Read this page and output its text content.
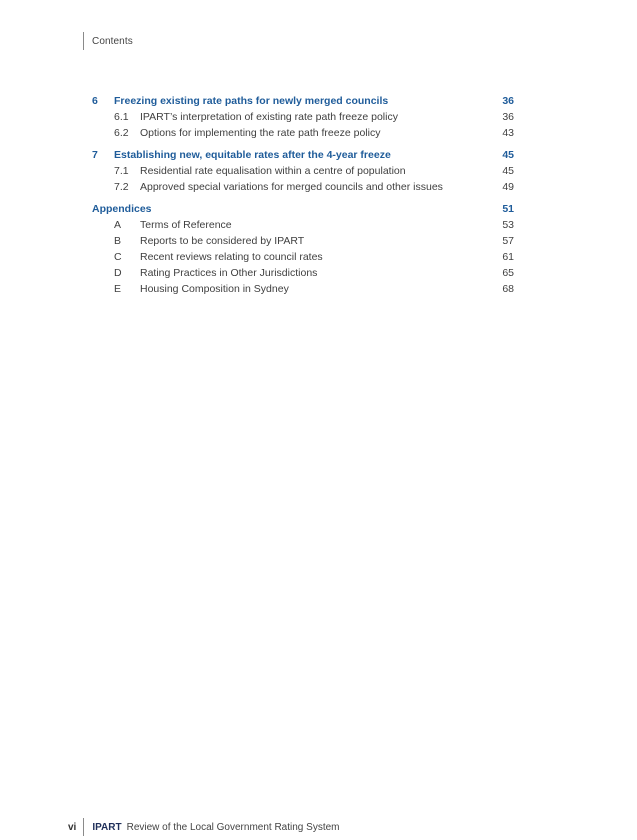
Contents
6 Freezing existing rate paths for newly merged councils	36
6.1 IPART’s interpretation of existing rate path freeze policy	36
6.2 Options for implementing the rate path freeze policy	43
7 Establishing new, equitable rates after the 4-year freeze	45
7.1 Residential rate equalisation within a centre of population	45
7.2 Approved special variations for merged councils and other issues	49
Appendices	51
A Terms of Reference	53
B Reports to be considered by IPART	57
C Recent reviews relating to council rates	61
D Rating Practices in Other Jurisdictions	65
E Housing Composition in Sydney	68
vi	IPART Review of the Local Government Rating System
